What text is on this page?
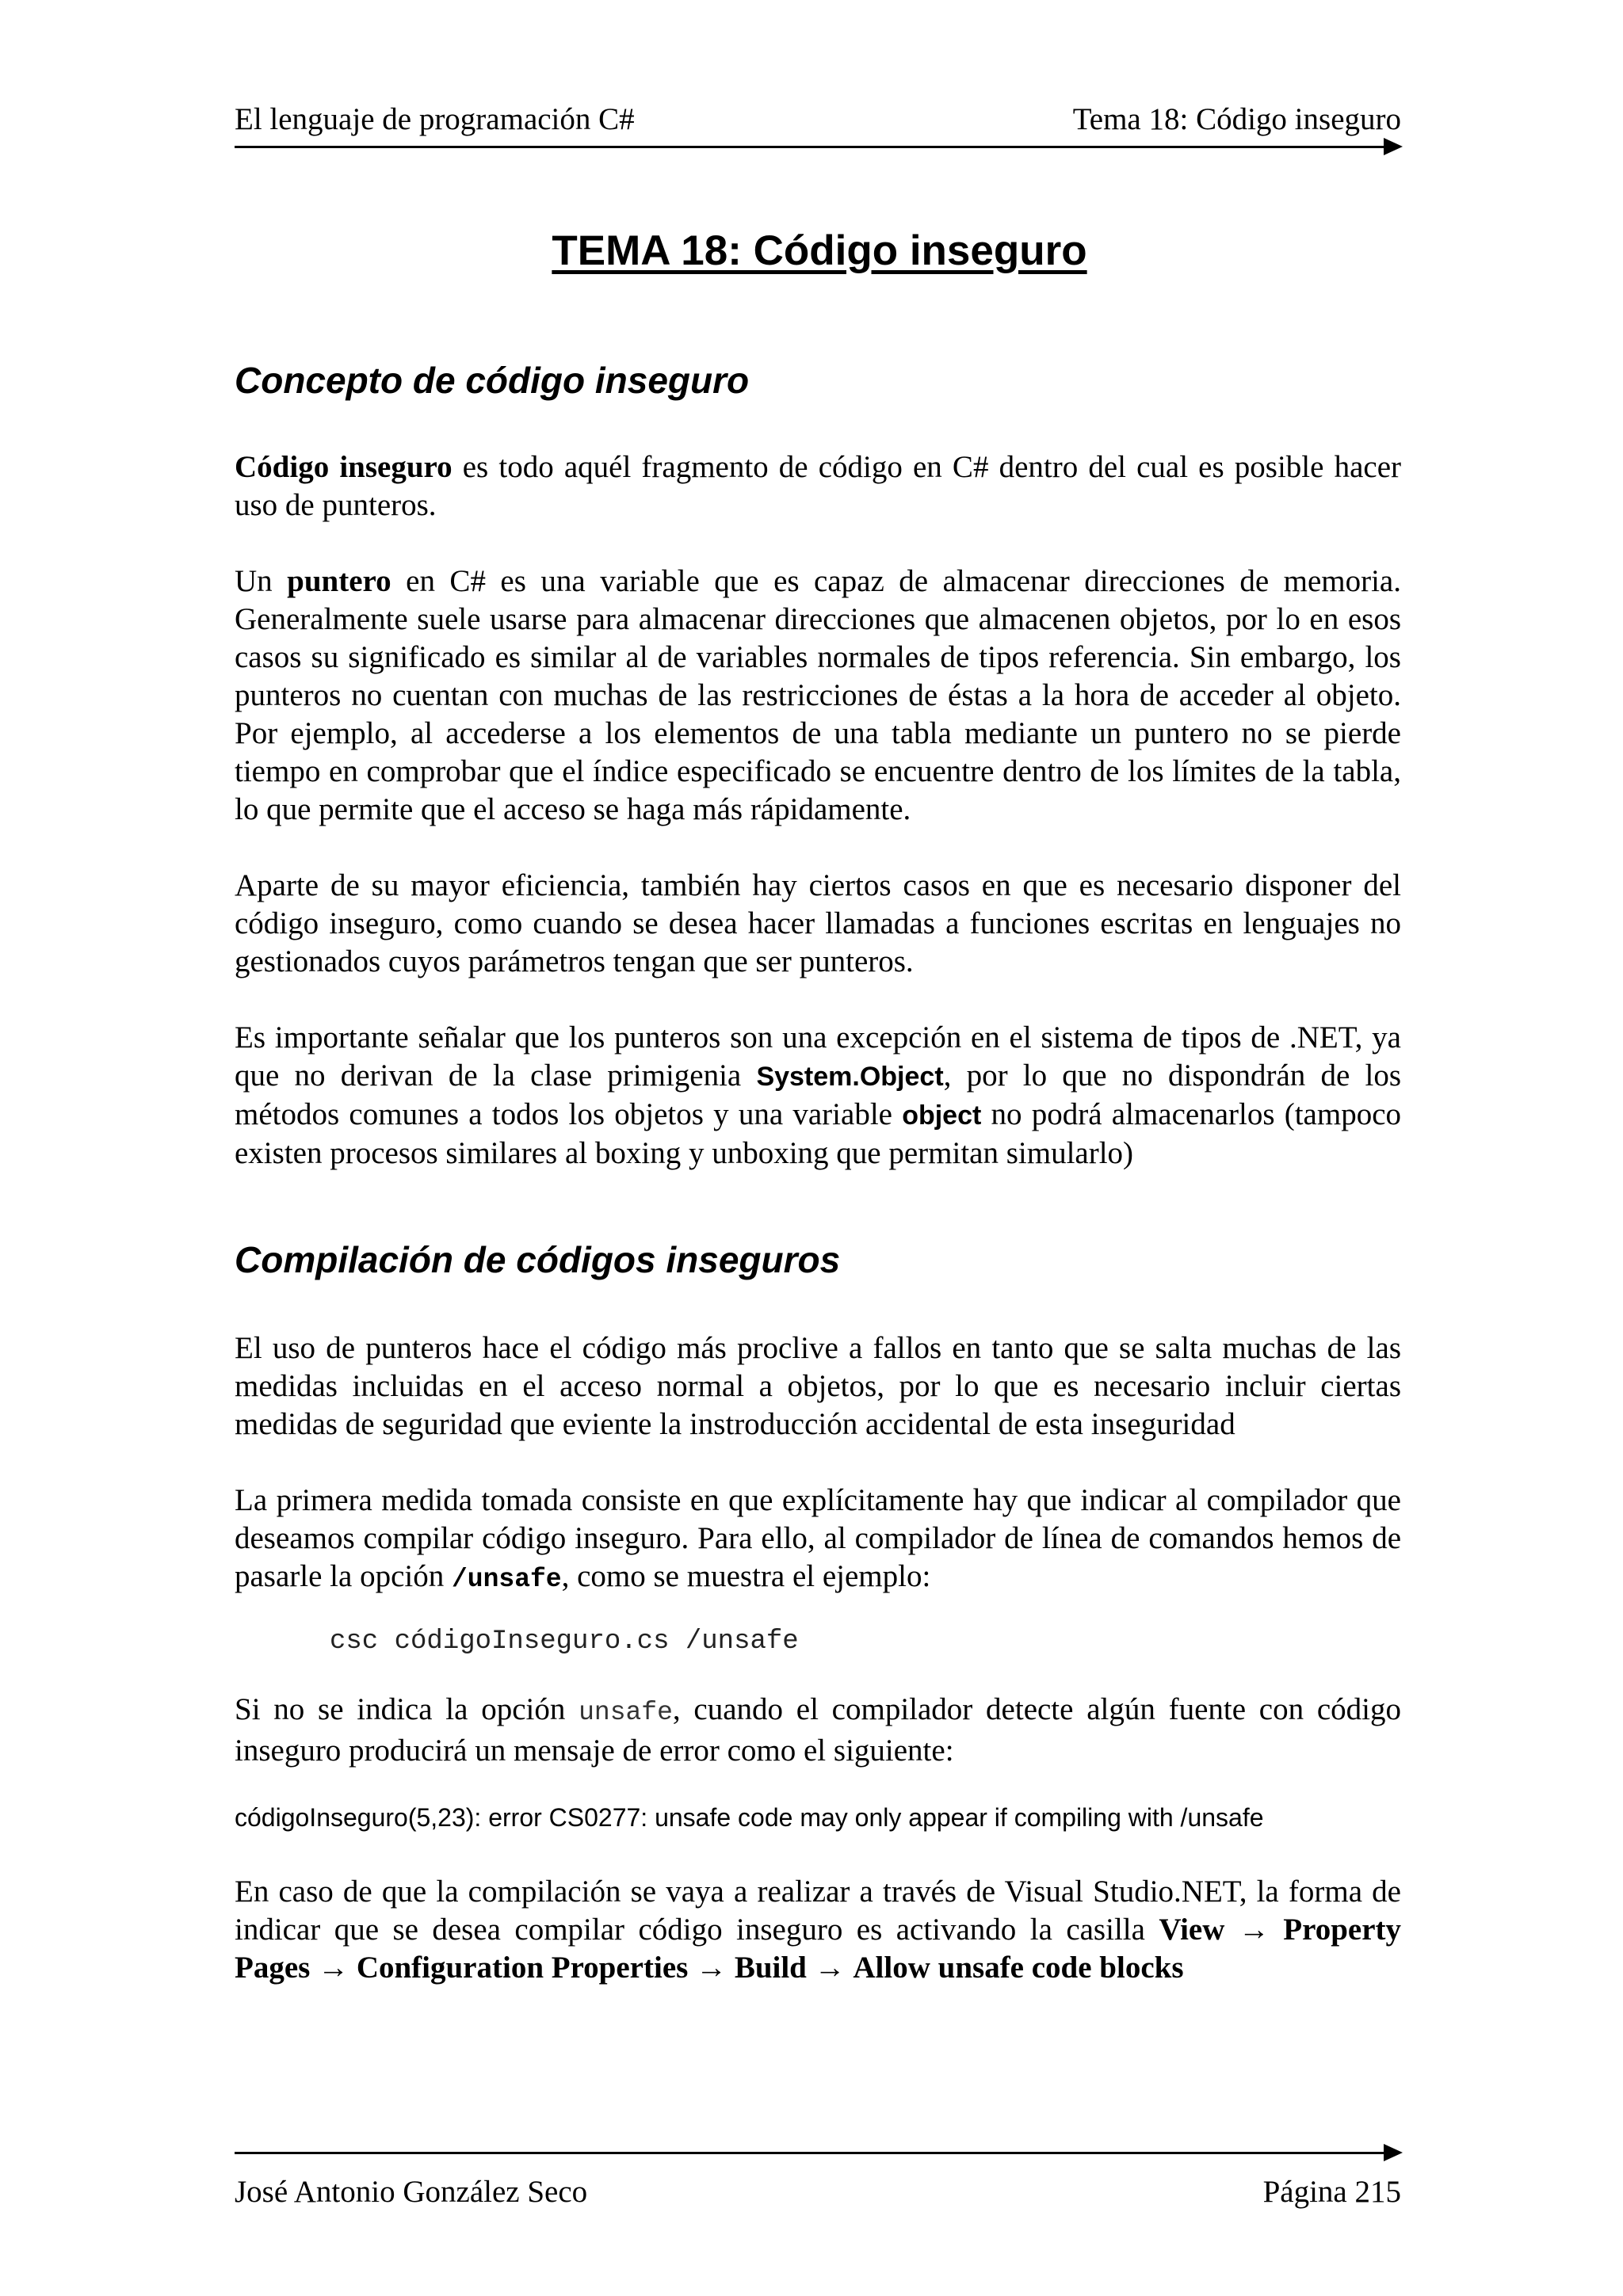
El lenguaje de programación C#	Tema 18: Código inseguro
TEMA 18: Código inseguro
Concepto de código inseguro

Código inseguro es todo aquél fragmento de código en C# dentro del cual es posible hacer uso de punteros.

Un puntero en C# es una variable que es capaz de almacenar direcciones de memoria. Generalmente suele usarse para almacenar direcciones que almacenen objetos, por lo en esos casos su significado es similar al de variables normales de tipos referencia. Sin embargo, los punteros no cuentan con muchas de las restricciones de éstas a la hora de acceder al objeto. Por ejemplo, al accederse a los elementos de una tabla mediante un puntero no se pierde tiempo en comprobar que el índice especificado se encuentre dentro de los límites de la tabla, lo que permite que el acceso se haga más rápidamente.

Aparte de su mayor eficiencia, también hay ciertos casos en que es necesario disponer del código inseguro, como cuando se desea hacer llamadas a funciones escritas en lenguajes no gestionados cuyos parámetros tengan que ser punteros.

Es importante señalar que los punteros son una excepción en el sistema de tipos de .NET, ya que no derivan de la clase primigenia System.Object, por lo que no dispondrán de los métodos comunes a todos los objetos y una variable object no podrá almacenarlos (tampoco existen procesos similares al boxing y unboxing que permitan simularlo)

Compilación de códigos inseguros

El uso de punteros hace el código más proclive a fallos en tanto que se salta muchas de las medidas incluidas en el acceso normal a objetos, por lo que es necesario incluir ciertas medidas de seguridad que eviente la instroducción accidental de esta inseguridad

La primera medida tomada consiste en que explícitamente hay que indicar al compilador que deseamos compilar código inseguro. Para ello, al compilador de línea de comandos hemos de pasarle la opción /unsafe, como se muestra el ejemplo:

csc códigoInseguro.cs /unsafe

Si no se indica la opción unsafe, cuando el compilador detecte algún fuente con código inseguro producirá un mensaje de error como el siguiente:

códigoInseguro(5,23): error CS0277: unsafe code may only appear if compiling with /unsafe

En caso de que la compilación se vaya a realizar a través de Visual Studio.NET, la forma de indicar que se desea compilar código inseguro es activando la casilla View → Property Pages → Configuration Properties → Build → Allow unsafe code blocks

José Antonio González Seco	Página 215
